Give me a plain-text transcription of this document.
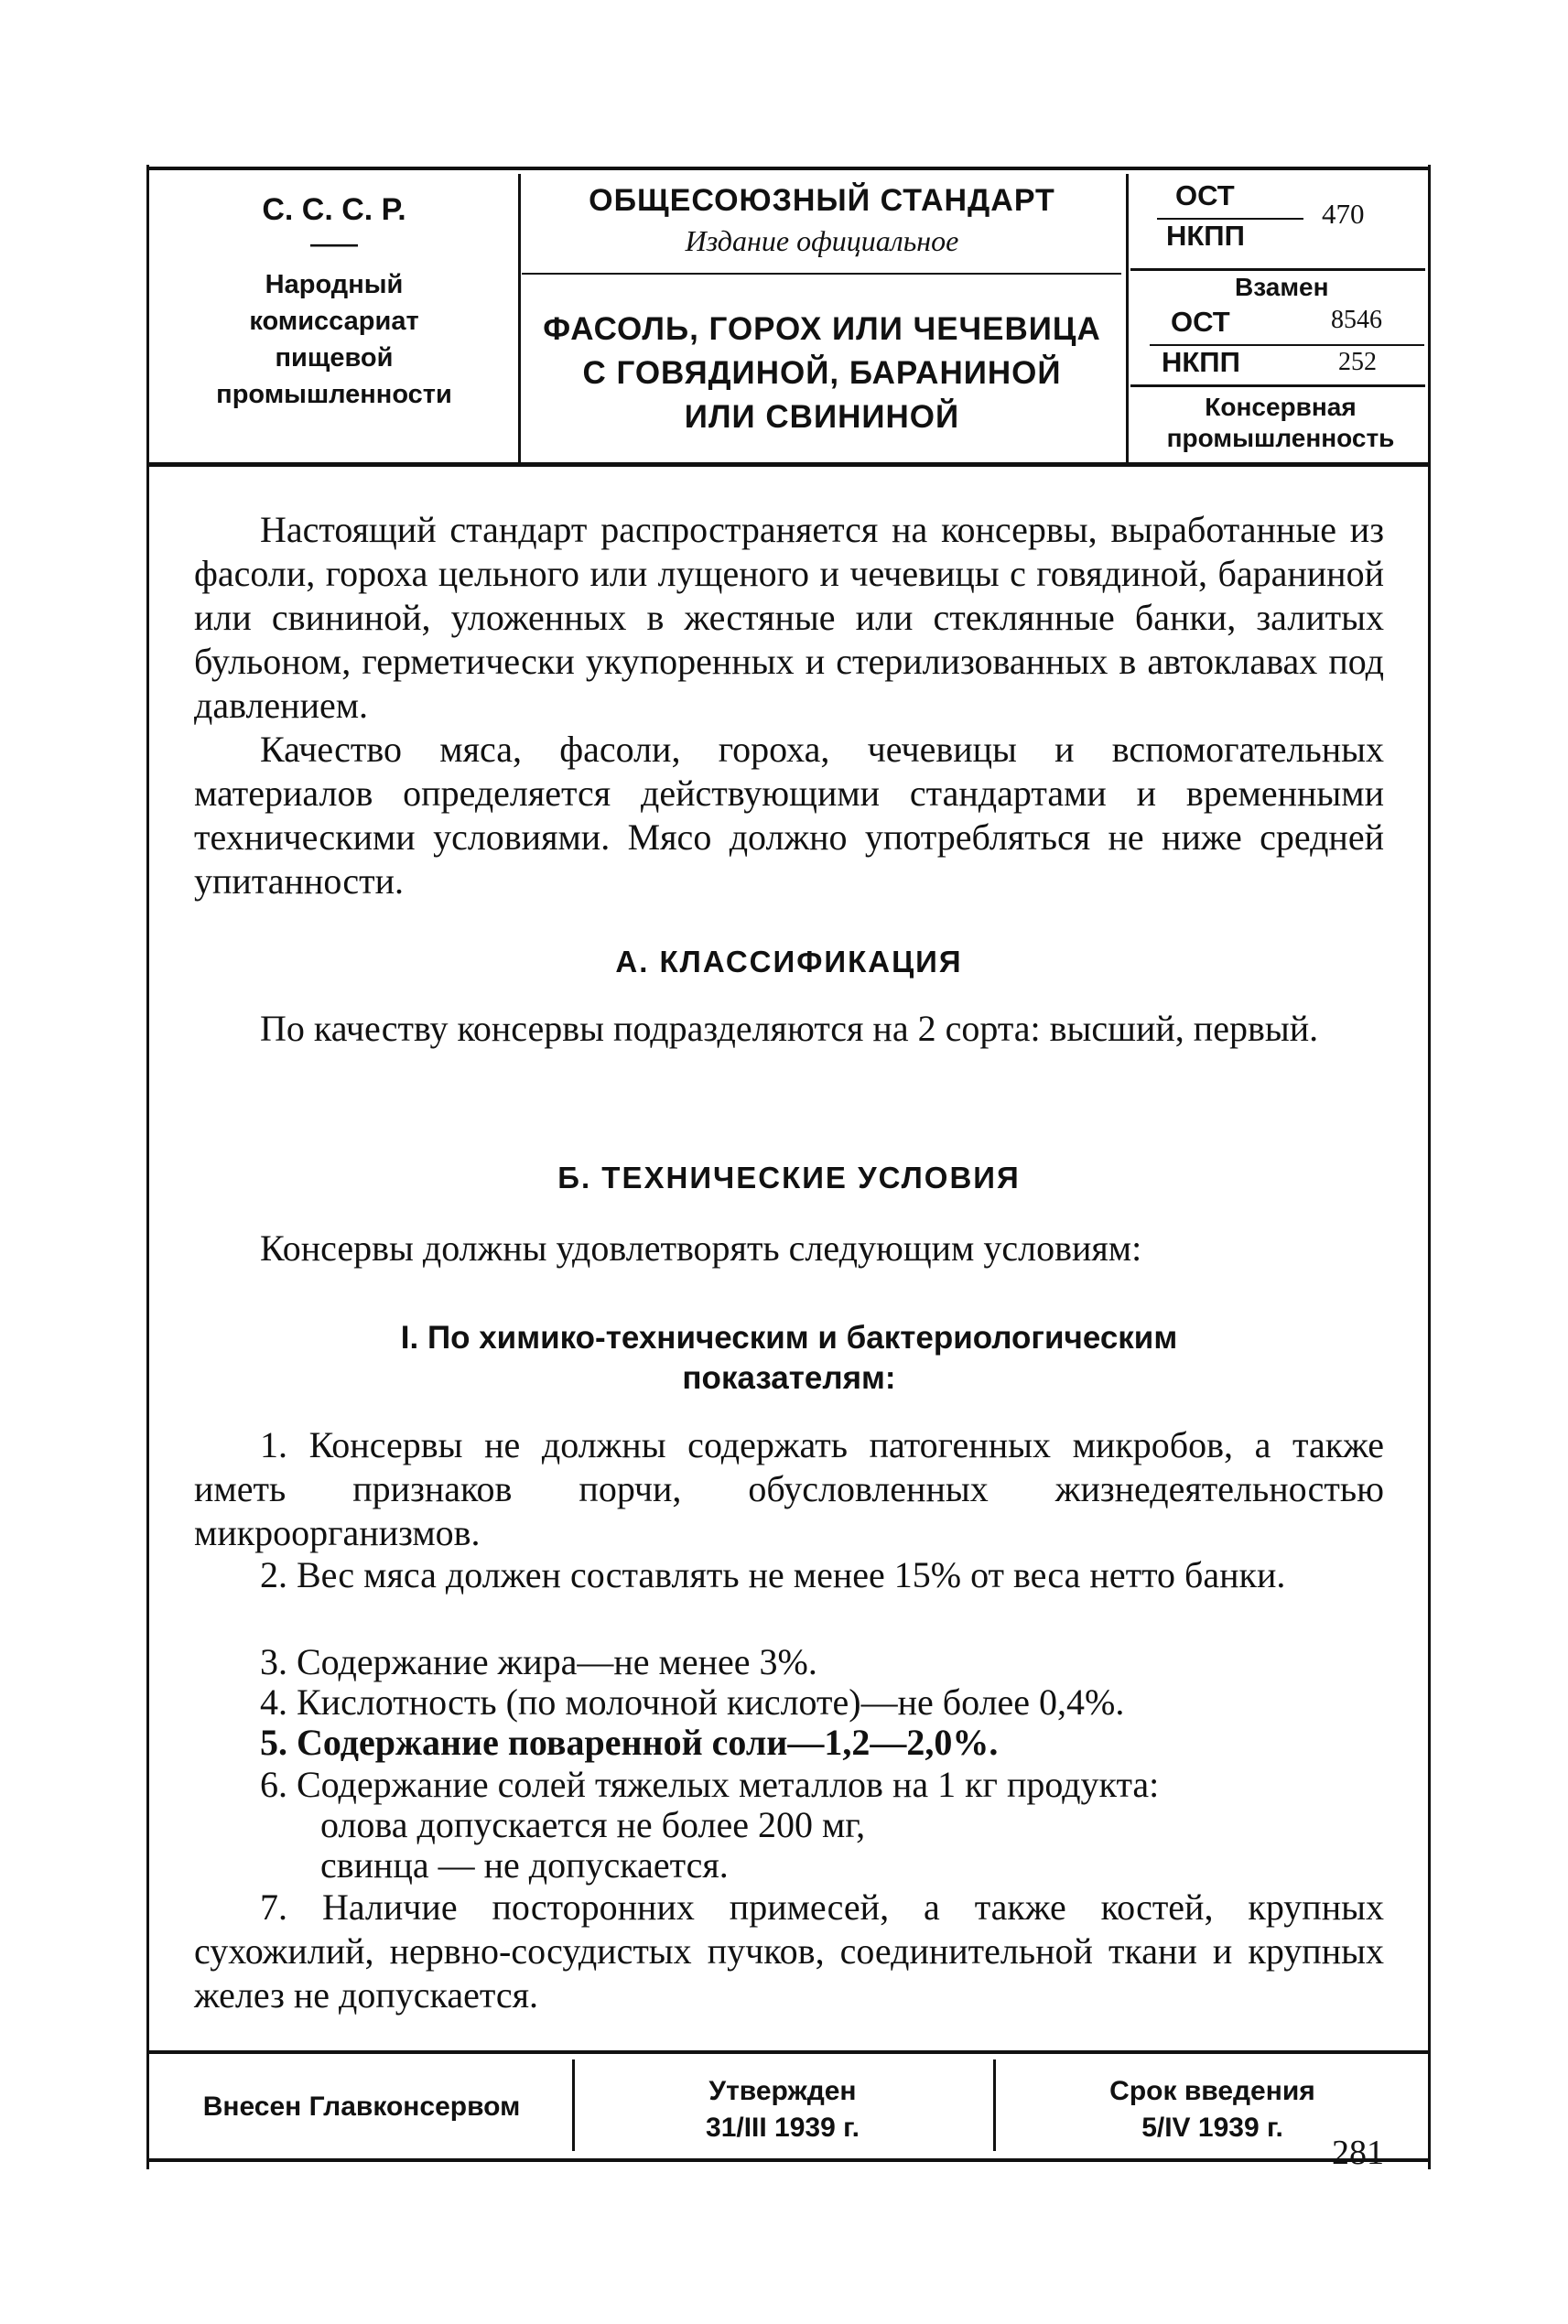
С. С. С. Р.
——
Народный
комиссариат
пищевой
промышленности
ОБЩЕСОЮЗНЫЙ СТАНДАРТ
Издание официальное
ФАСОЛЬ, ГОРОХ ИЛИ ЧЕЧЕВИЦА
С ГОВЯДИНОЙ, БАРАНИНОЙ
ИЛИ СВИНИНОЙ
ОСТ
НКПП
470
Взамен
ОСТ	8546
НКПП	252
Консервная промышленность
Настоящий стандарт распространяется на консервы, выработанные из фасоли, гороха цельного или лущеного и чечевицы с говядиной, бараниной или свининой, уложенных в жестяные или стеклянные банки, залитых бульоном, герметически укупоренных и стерилизованных в автоклавах под давлением.
Качество мяса, фасоли, гороха, чечевицы и вспомогательных материалов определяется действующими стандартами и временными техническими условиями. Мясо должно употребляться не ниже средней упитанности.
А. КЛАССИФИКАЦИЯ
По качеству консервы подразделяются на 2 сорта: высший, первый.
Б. ТЕХНИЧЕСКИЕ УСЛОВИЯ
Консервы должны удовлетворять следующим условиям:
I. По химико-техническим и бактериологическим
показателям:
1. Консервы не должны содержать патогенных микробов, а также иметь признаков порчи, обусловленных жизнедеятельностью микроорганизмов.
2. Вес мяса должен составлять не менее 15% от веса нетто банки.
3. Содержание жира—не менее 3%.
4. Кислотность (по молочной кислоте)—не более 0,4%.
5. Содержание поваренной соли—1,2—2,0%.
6. Содержание солей тяжелых металлов на 1 кг продукта:
олова допускается не более 200 мг,
свинца — не допускается.
7. Наличие посторонних примесей, а также костей, крупных сухожилий, нервно-сосудистых пучков, соединительной ткани и крупных желез не допускается.
Внесен Главконсервом
Утвержден
31/III 1939 г.
Срок введения
5/IV 1939 г.
281
